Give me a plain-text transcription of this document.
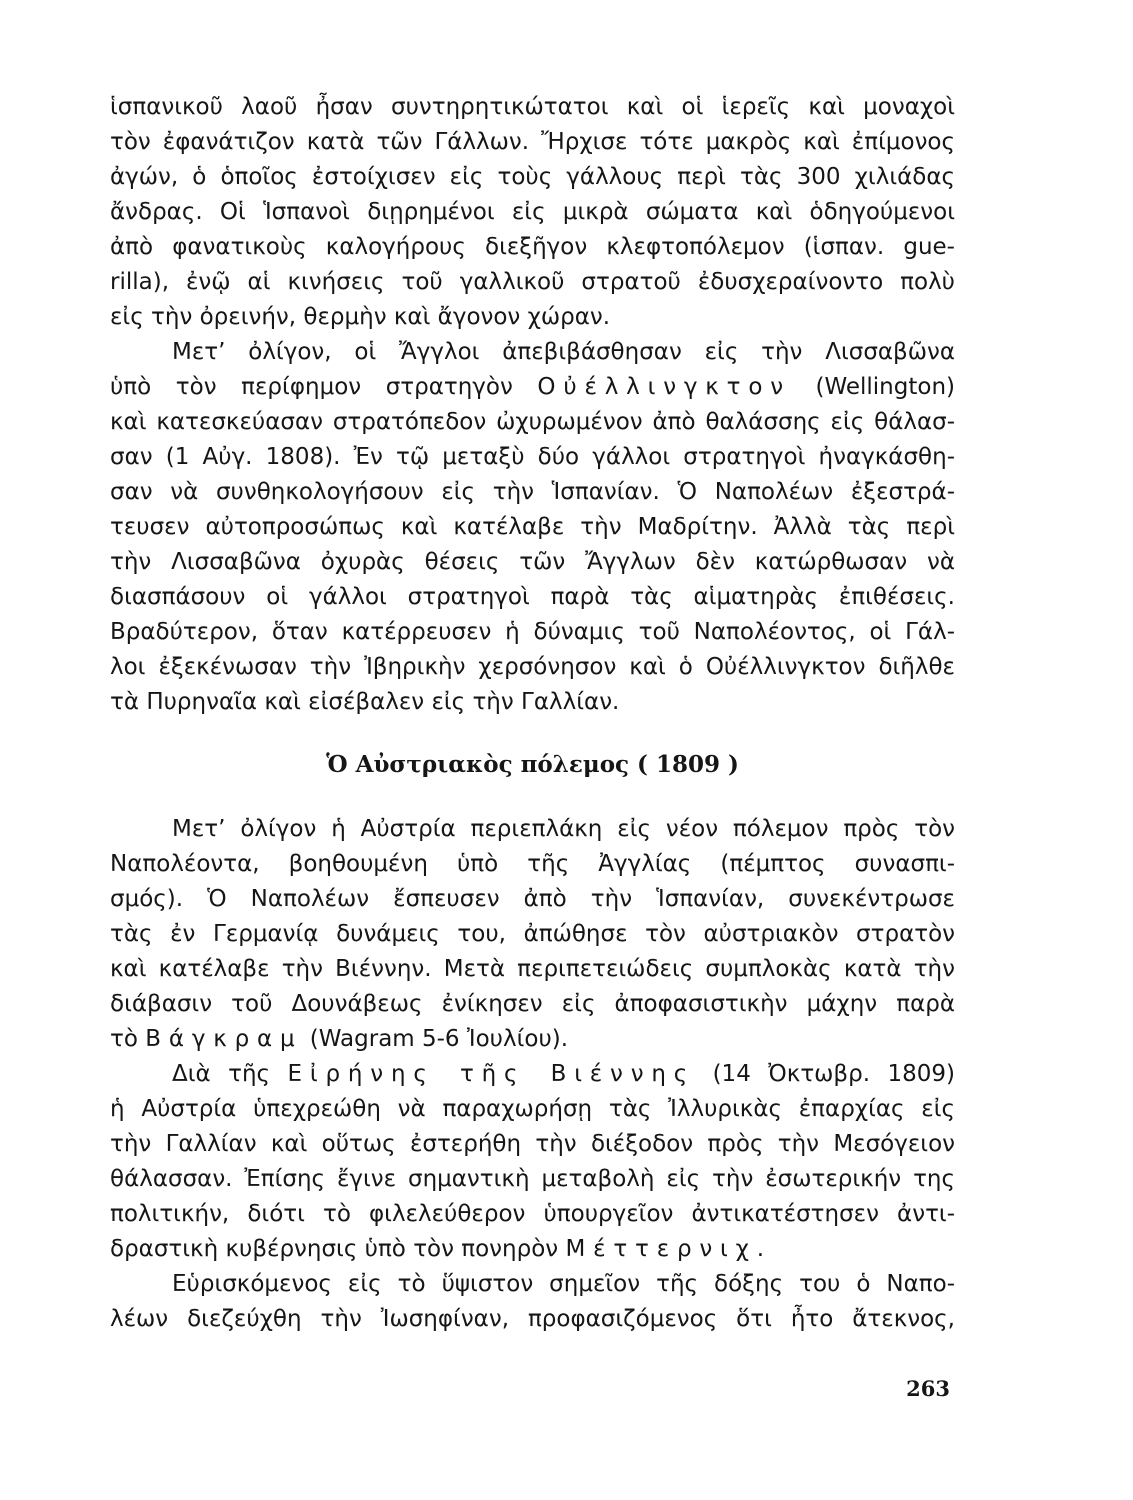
ἱσπανικοῦ λαοῦ ἦσαν συντηρητικώτατοι καὶ οἱ ἱερεῖς καὶ μοναχοὶ
τὸν ἐφανάτιζον κατὰ τῶν Γάλλων. Ἤρχισε τότε μακρὸς καὶ ἐπίμονος
ἀγών, ὁ ὁποῖος ἐστοίχισεν εἰς τοὺς γάλλους περὶ τὰς 300 χιλιάδας
ἄνδρας. Οἱ Ἱσπανοὶ διῃρημένοι εἰς μικρὰ σώματα καὶ ὁδηγούμενοι
ἀπὸ φανατικοὺς καλογήρους διεξῆγον κλεφτοπόλεμον (ἱσπαν. gue-
rilla), ἐνῷ αἱ κινήσεις τοῦ γαλλικοῦ στρατοῦ ἐδυσχεραίνοντο πολὺ
εἰς τὴν ὀρεινήν, θερμὴν καὶ ἄγονον χώραν.
Μετ’ ὀλίγον, οἱ Ἄγγλοι ἀπεβιβάσθησαν εἰς τὴν Λισσαβῶνα
ὑπὸ τὸν περίφημον στρατηγὸν Οὐέλλινγκτον (Wellington)
καὶ κατεσκεύασαν στρατόπεδον ὠχυρωμένον ἀπὸ θαλάσσης εἰς θάλασ-
σαν (1 Αὐγ. 1808). Ἐν τῷ μεταξὺ δύο γάλλοι στρατηγοὶ ἠναγκάσθη-
σαν νὰ συνθηκολογήσουν εἰς τὴν Ἱσπανίαν. Ὁ Ναπολέων ἐξεστρά-
τευσεν αὐτοπροσώπως καὶ κατέλαβε τὴν Μαδρίτην. Ἀλλὰ τὰς περὶ
τὴν Λισσαβῶνα ὀχυρὰς θέσεις τῶν Ἄγγλων δὲν κατώρθωσαν νὰ
διασπάσουν οἱ γάλλοι στρατηγοὶ παρὰ τὰς αἱματηρὰς ἐπιθέσεις.
Βραδύτερον, ὅταν κατέρρευσεν ἡ δύναμις τοῦ Ναπολέοντος, οἱ Γάλ-
λοι ἐξεκένωσαν τὴν Ἰβηρικὴν χερσόνησον καὶ ὁ Οὐέλλινγκτον διῆλθε
τὰ Πυρηναῖα καὶ εἰσέβαλεν εἰς τὴν Γαλλίαν.
Ὁ Αὐστριακὸς πόλεμος ( 1809 )
Μετ’ ὀλίγον ἡ Αὐστρία περιεπλάκη εἰς νέον πόλεμον πρὸς τὸν
Ναπολέοντα, βοηθουμένη ὑπὸ τῆς Ἀγγλίας (πέμπτος συνασπι-
σμός). Ὁ Ναπολέων ἔσπευσεν ἀπὸ τὴν Ἱσπανίαν, συνεκέντρωσε
τὰς ἐν Γερμανίᾳ δυνάμεις του, ἀπώθησε τὸν αὐστριακὸν στρατὸν
καὶ κατέλαβε τὴν Βιέννην. Μετὰ περιπετειώδεις συμπλοκὰς κατὰ τὴν
διάβασιν τοῦ Δουνάβεως ἐνίκησεν εἰς ἀποφασιστικὴν μάχην παρὰ
τὸ Βάγκραμ (Wagram 5-6 Ἰουλίου).
Διὰ τῆς Εἰρήνης τῆς Βιέννης (14 Ὀκτωβρ. 1809)
ἡ Αὐστρία ὑπεχρεώθη νὰ παραχωρήσῃ τὰς Ἰλλυρικὰς ἐπαρχίας εἰς
τὴν Γαλλίαν καὶ οὕτως ἐστερήθη τὴν διέξοδον πρὸς τὴν Μεσόγειον
θάλασσαν. Ἐπίσης ἔγινε σημαντικὴ μεταβολὴ εἰς τὴν ἐσωτερικήν της
πολιτικήν, διότι τὸ φιλελεύθερον ὑπουργεῖον ἀντικατέστησεν ἀντι-
δραστικὴ κυβέρνησις ὑπὸ τὸν πονηρὸν Μέττερνιχ.
Εὑρισκόμενος εἰς τὸ ὕψιστον σημεῖον τῆς δόξης του ὁ Ναπο-
λέων διεζεύχθη τὴν Ἰωσηφίναν, προφασιζόμενος ὅτι ἦτο ἄτεκνος,
263
